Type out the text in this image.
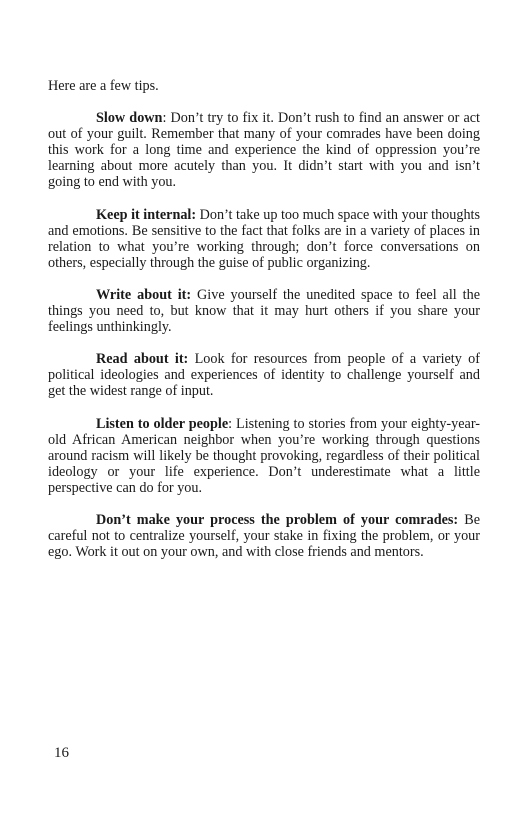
Here are a few tips.

Slow down: Don’t try to fix it. Don’t rush to find an answer or act out of your guilt. Remember that many of your comrades have been doing this work for a long time and experience the kind of oppression you’re learning about more acutely than you. It didn’t start with you and isn’t going to end with you.

Keep it internal: Don’t take up too much space with your thoughts and emotions. Be sensitive to the fact that folks are in a variety of places in relation to what you’re working through; don’t force conversations on others, especially through the guise of public organizing.

Write about it: Give yourself the unedited space to feel all the things you need to, but know that it may hurt others if you share your feelings unthinkingly.

Read about it: Look for resources from people of a variety of political ideologies and experiences of identity to challenge yourself and get the widest range of input.

Listen to older people: Listening to stories from your eighty-year-old African American neighbor when you’re working through questions around racism will likely be thought provoking, regardless of their political ideology or your life experience. Don’t underestimate what a little perspective can do for you.

Don’t make your process the problem of your comrades: Be careful not to centralize yourself, your stake in fixing the problem, or your ego. Work it out on your own, and with close friends and mentors.

16
